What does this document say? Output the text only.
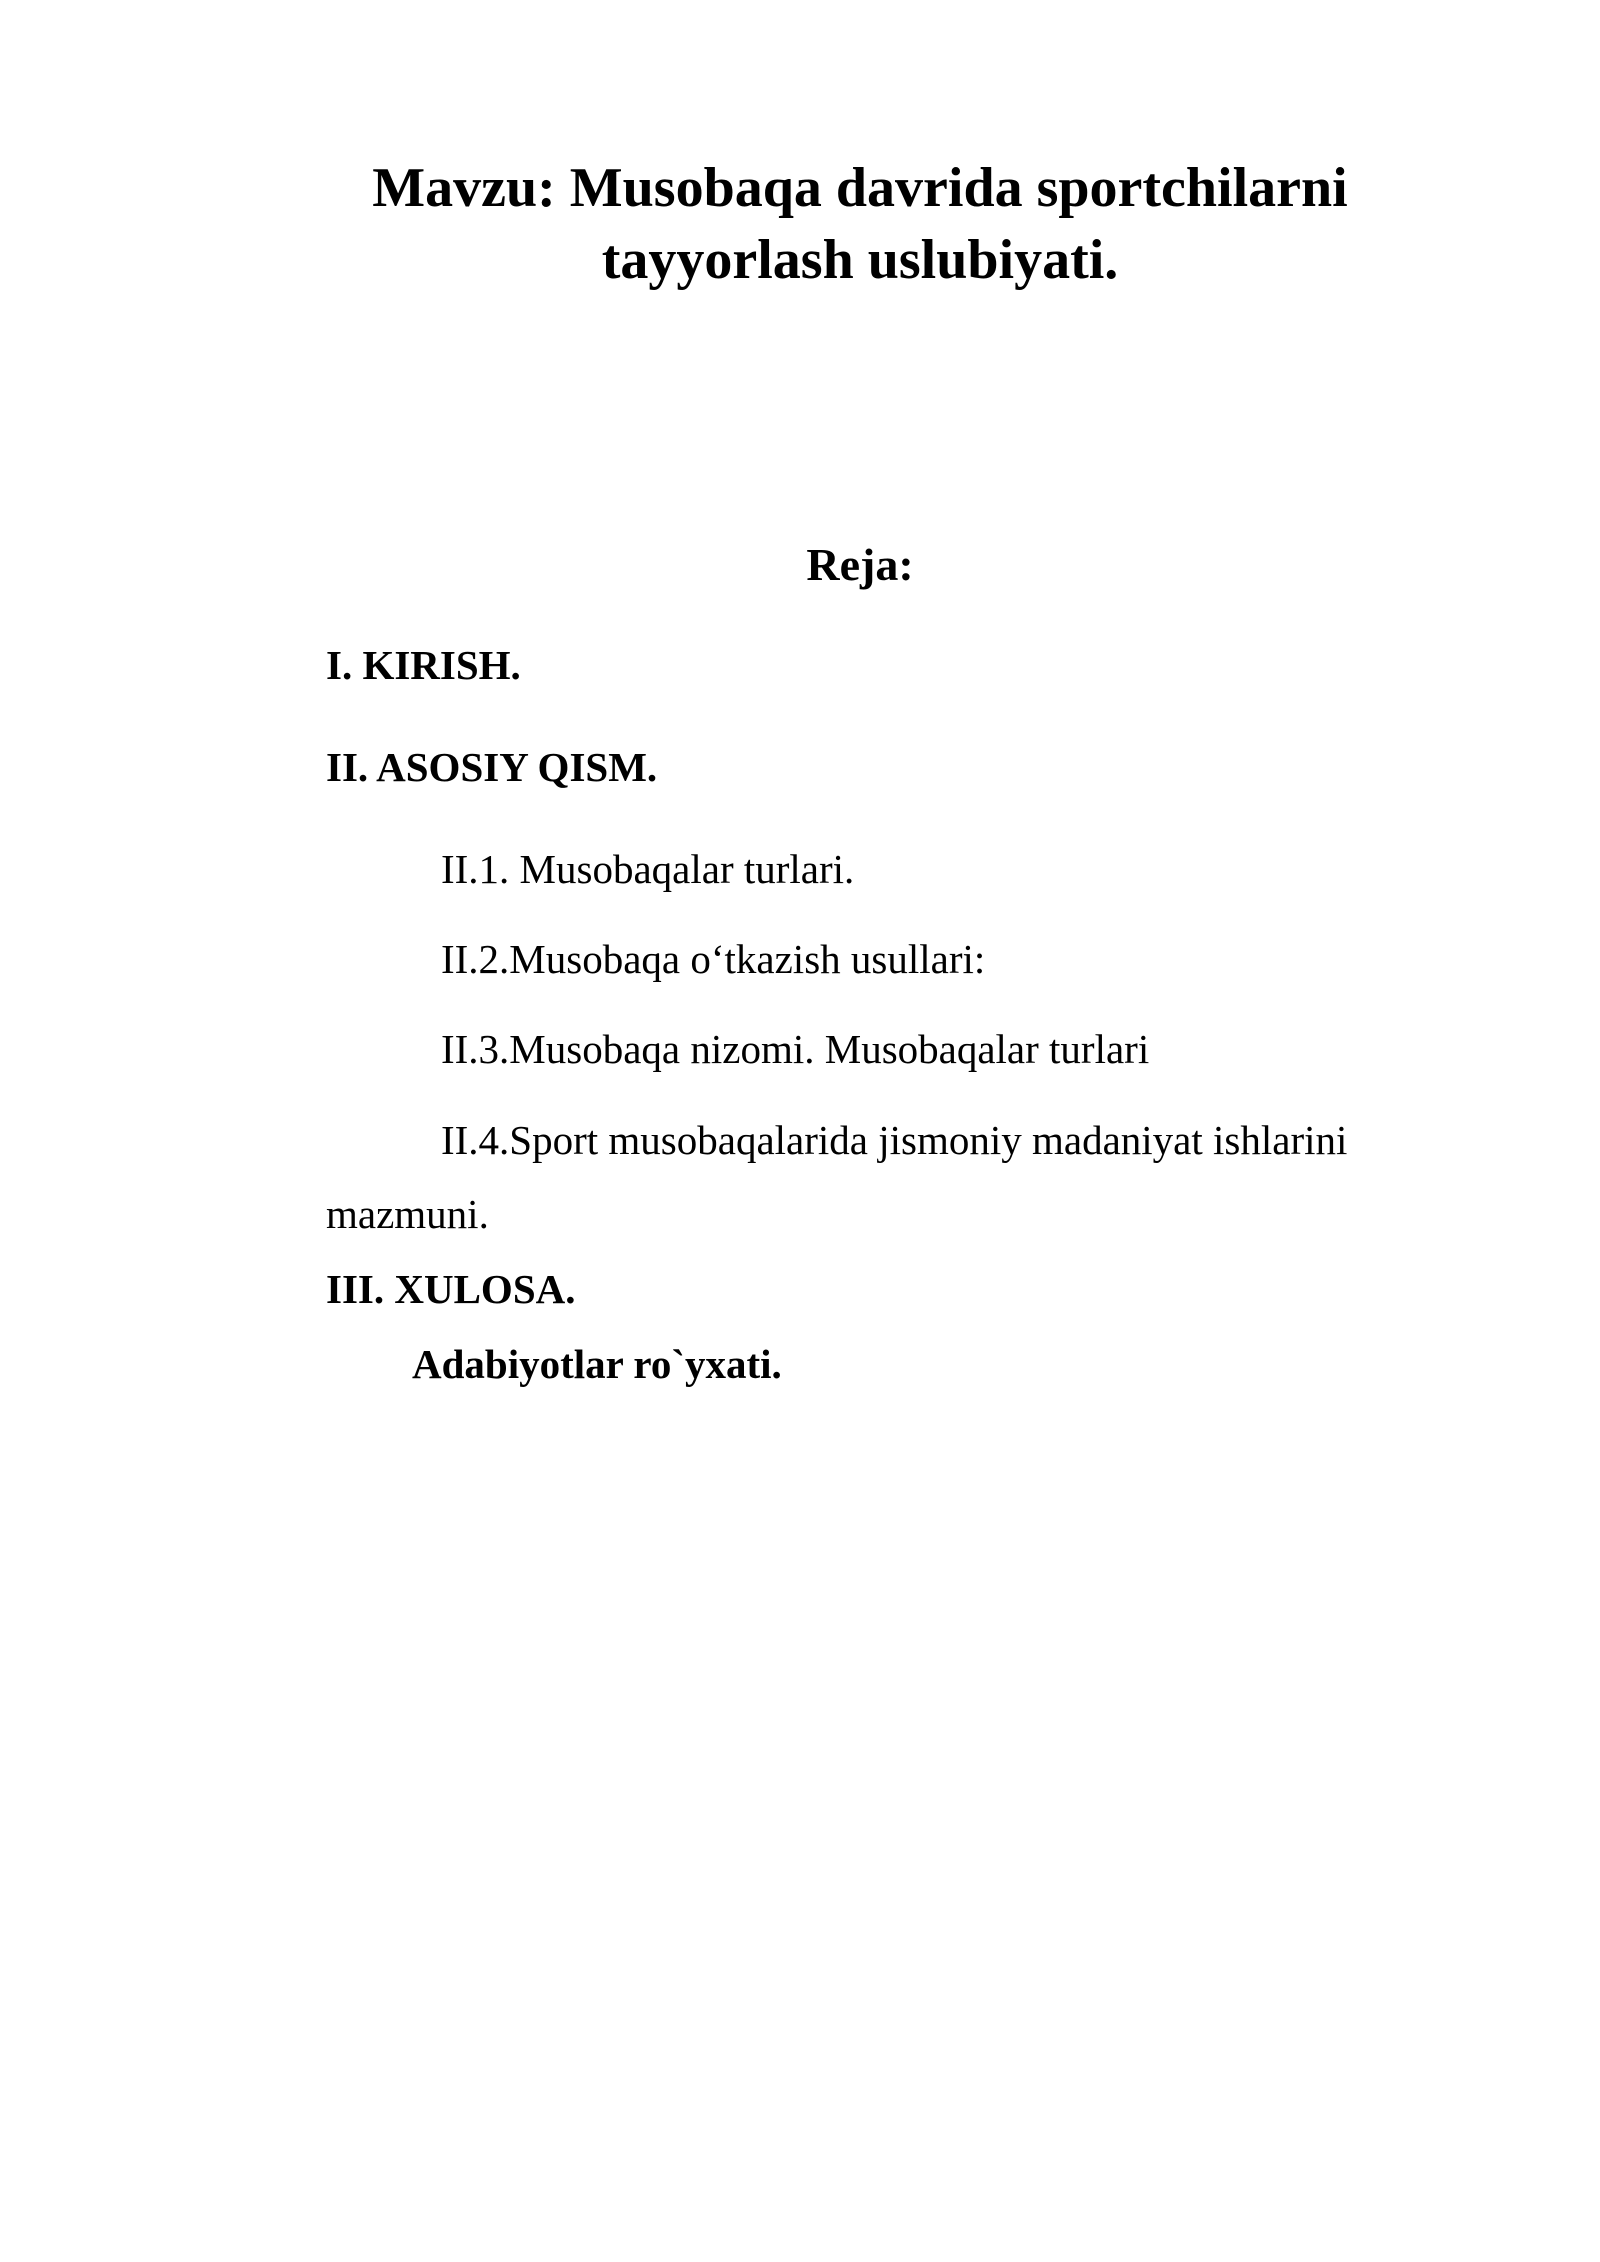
Mavzu: Musobaqa davrida sportchilarni
tayyorlash uslubiyati.
Reja:

I. KIRISH.

II. ASOSIY QISM.

II.1. Musobaqalar turlari.

II.2.Musobaqa o‘tkazish usullari:

II.3.Musobaqa nizomi. Musobaqalar turlari

II.4.Sport musobaqalarida jismoniy madaniyat ishlarini

mazmuni.

III. XULOSA.

Adabiyotlar ro`yxati.
